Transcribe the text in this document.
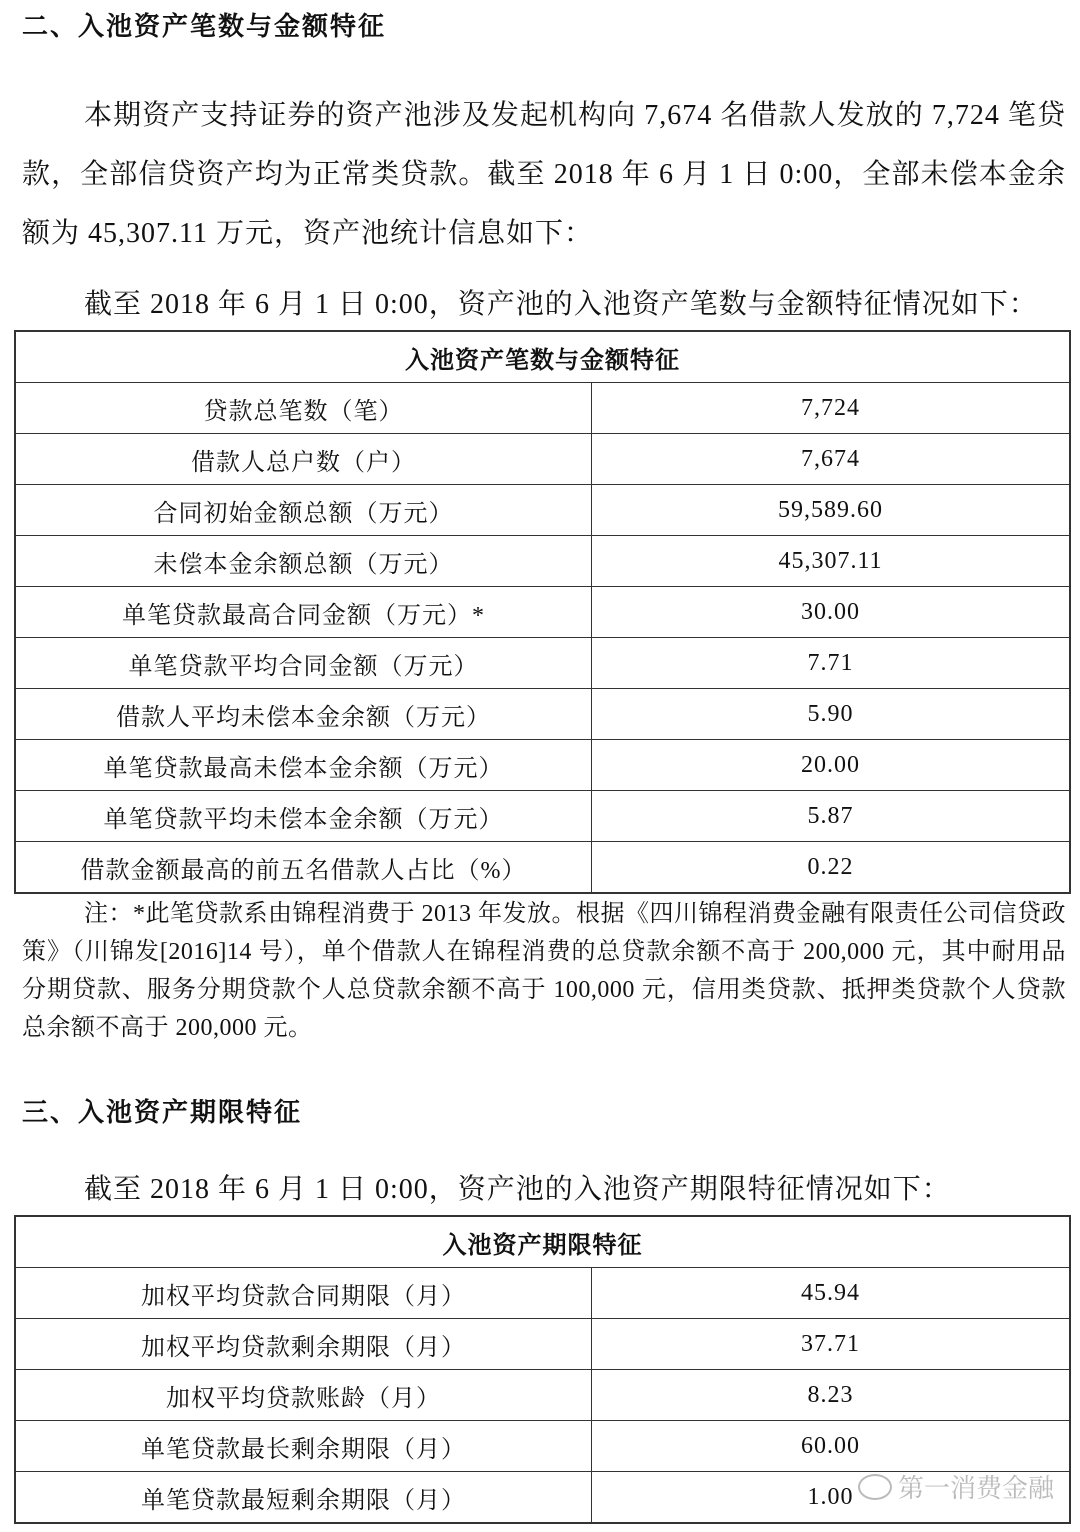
二、入池资产笔数与金额特征
本期资产支持证券的资产池涉及发起机构向 7,674 名借款人发放的 7,724 笔贷款，全部信贷资产均为正常类贷款。截至 2018 年 6 月 1 日 0:00，全部未偿本金余额为 45,307.11 万元，资产池统计信息如下：
截至 2018 年 6 月 1 日 0:00，资产池的入池资产笔数与金额特征情况如下：
入池资产笔数与金额特征	
贷款总笔数（笔）	7,724
借款人总户数（户）	7,674
合同初始金额总额（万元）	59,589.60
未偿本金余额总额（万元）	45,307.11
单笔贷款最高合同金额（万元）*	30.00
单笔贷款平均合同金额（万元）	7.71
借款人平均未偿本金余额（万元）	5.90
单笔贷款最高未偿本金余额（万元）	20.00
单笔贷款平均未偿本金余额（万元）	5.87
借款金额最高的前五名借款人占比（%）	0.22
注：*此笔贷款系由锦程消费于 2013 年发放。根据《四川锦程消费金融有限责任公司信贷政策》（川锦发[2016]14 号），单个借款人在锦程消费的总贷款余额不高于 200,000 元，其中耐用品分期贷款、服务分期贷款个人总贷款余额不高于 100,000 元，信用类贷款、抵押类贷款个人贷款总余额不高于 200,000 元。
三、入池资产期限特征
截至 2018 年 6 月 1 日 0:00，资产池的入池资产期限特征情况如下：
入池资产期限特征	
加权平均贷款合同期限（月）	45.94
加权平均贷款剩余期限（月）	37.71
加权平均贷款账龄（月）	8.23
单笔贷款最长剩余期限（月）	60.00
单笔贷款最短剩余期限（月）	1.00 第一消费金融
